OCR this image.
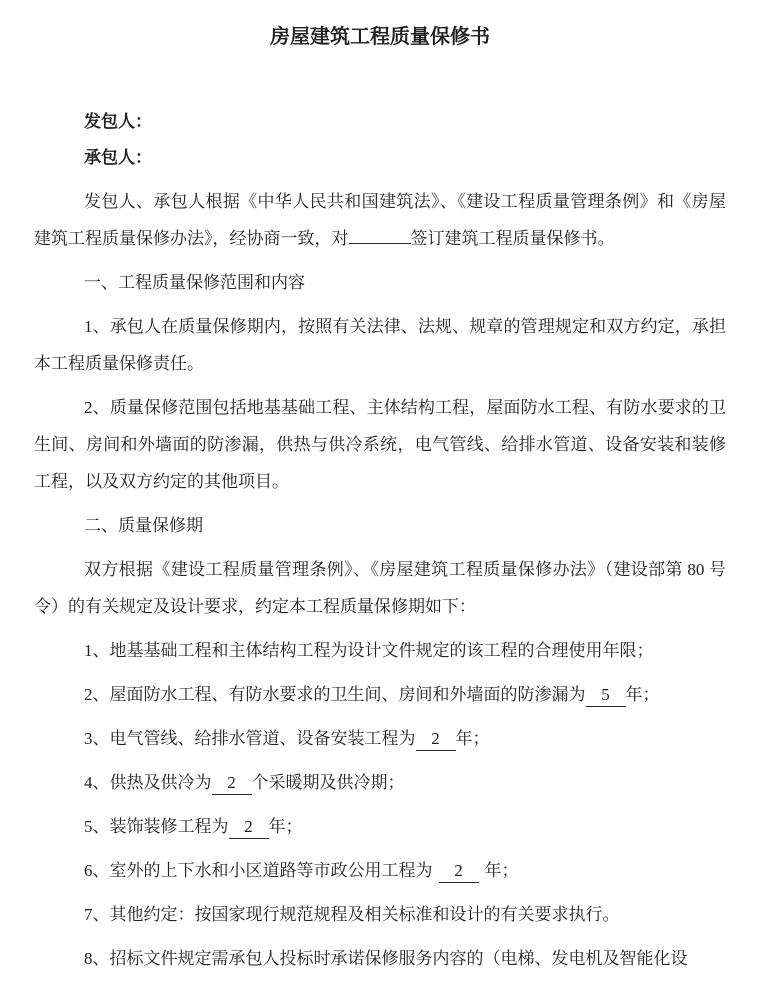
房屋建筑工程质量保修书

发包人：

承包人：

发包人、承包人根据《中华人民共和国建筑法》、《建设工程质量管理条例》和《房屋建筑工程质量保修办法》，经协商一致，对	签订建筑工程质量保修书。

一、工程质量保修范围和内容

1、承包人在质量保修期内，按照有关法律、法规、规章的管理规定和双方约定，承担本工程质量保修责任。

2、质量保修范围包括地基基础工程、主体结构工程，屋面防水工程、有防水要求的卫生间、房间和外墙面的防渗漏，供热与供冷系统，电气管线、给排水管道、设备安装和装修工程，以及双方约定的其他项目。

二、质量保修期

双方根据《建设工程质量管理条例》、《房屋建筑工程质量保修办法》（建设部第 80 号令）的有关规定及设计要求，约定本工程质量保修期如下：

1、地基基础工程和主体结构工程为设计文件规定的该工程的合理使用年限；

2、屋面防水工程、有防水要求的卫生间、房间和外墙面的防渗漏为 5 年；

3、电气管线、给排水管道、设备安装工程为 2 年；

4、供热及供冷为 2 个采暖期及供冷期；

5、装饰装修工程为 2 年；

6、室外的上下水和小区道路等市政公用工程为 2 年；

7、其他约定：按国家现行规范规程及相关标准和设计的有关要求执行。

8、招标文件规定需承包人投标时承诺保修服务内容的（电梯、发电机及智能化设
